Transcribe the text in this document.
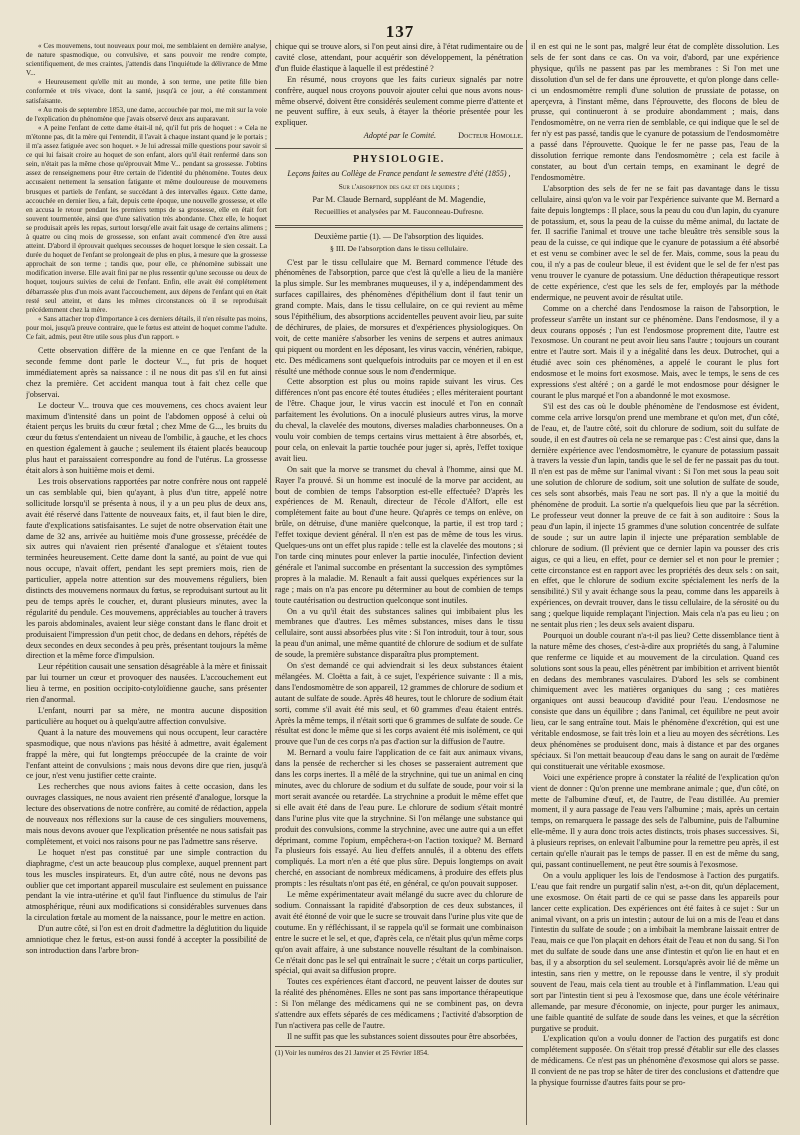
137

« Ces mouvemens, tout nouveaux pour moi, me semblaient en dernière analyse, de nature spasmodique, ou convulsive, et sans pouvoir me rendre compte, scientifiquement, de mes craintes, j'attendis dans l'inquiétude la délivrance de Mme V...

« Heureusement qu'elle mit au monde, à son terme, une petite fille bien conformée et très vivace, dont la santé, jusqu'à ce jour, a été constamment satisfaisante.

« Au mois de septembre 1853, une dame, accouchée par moi, me mit sur la voie de l'explication du phénomène que j'avais observé deux ans auparavant.

« A peine l'enfant de cette dame était-il né, qu'il fut pris de hoquet : « Cela ne m'étonne pas, dit la mère qui l'entendit, il l'avait à chaque instant quand je le portais ; il m'a assez fatiguée avec son hoquet. » Je lui adressai mille questions pour savoir si ce qui lui faisait croire au hoquet de son enfant, alors qu'il était renfermé dans son sein, n'était pas la même chose qu'éprouvait Mme V... pendant sa grossesse. J'obtins assez de renseignemens pour être certain de l'identité du phénomène. Toutes deux accusaient nettement la sensation fatigante et même douloureuse de mouvemens brusques et partiels de l'enfant, se succédant à des intervalles égaux. Cette dame, accouchée en dernier lieu, a fait, depuis cette époque, une nouvelle grossesse, et elle en accusa le retour pendant les premiers temps de sa grossesse, elle en était fort souvent tourmentée, ainsi que d'une salivation très abondante. Chez elle, le hoquet se produisait après les repas, surtout lorsqu'elle avait fait usage de certains alimens ; à quatre ou cinq mois de grossesse, son enfant avait commencé d'en être aussi atteint. D'abord il éprouvait quelques secousses de hoquet lorsque le sien cessait. La durée du hoquet de l'enfant se prolongeait de plus en plus, à mesure que la grossesse approchait de son terme ; tandis que, pour elle, ce phénomène subissait une modification inverse. Elle avait fini par ne plus ressentir qu'une secousse ou deux de hoquet, toujours suivies de celui de l'enfant. Enfin, elle avait été complétement débarrassée plus d'un mois avant l'accouchement, aux dépens de l'enfant qui en était resté seul atteint, et dans les mêmes circonstances où il se reproduisait précédemment chez la mère.

« Sans attacher trop d'importance à ces derniers détails, il n'en résulte pas moins, pour moi, jusqu'à preuve contraire, que le fœtus est atteint de hoquet comme l'adulte. Ce fait, admis, peut être utile sous plus d'un rapport. »

Cette observation diffère de la mienne en ce que l'enfant de la seconde femme dont parle le docteur V..., fut pris de hoquet immédiatement après sa naissance : il ne nous dit pas s'il en fut ainsi chez la première. Cet accident manqua tout à fait chez celle que j'observai.

Le docteur V... trouva que ces mouvemens, ces chocs avaient leur maximum d'intensité dans un point de l'abdomen opposé à celui où étaient perçus les bruits du cœur fœtal ; chez Mme de G..., les bruits du cœur du fœtus s'entendaient un niveau de l'ombilic, à gauche, et les chocs en question également à gauche ; seulement ils étaient placés beaucoup plus haut et paraissaient correspondre au fond de l'utérus. La grossesse était alors à son huitième mois et demi.

Les trois observations rapportées par notre confrère nous ont rappelé un cas semblable qui, bien qu'ayant, à plus d'un titre, appelé notre sollicitude lorsqu'il se présenta à nous, il y a un peu plus de deux ans, avait été réservé dans l'attente de nouveaux faits, et, il faut bien le dire, faute d'explications satisfaisantes. Le sujet de notre observation était une dame de 32 ans, arrivée au huitième mois d'une grossesse, précédée de six autres qui n'avaient rien présenté d'analogue et s'étaient toutes terminées heureusement. Cette dame dont la santé, au point de vue qui nous occupe, n'avait offert, pendant les sept premiers mois, rien de particulier, appela notre attention sur des mouvemens réguliers, bien distincts des mouvemens normaux du fœtus, se reproduisant surtout au lit peu de temps après le coucher, et, durant plusieurs minutes, avec la régularité du pendule. Ces mouvemens, appréciables au toucher à travers les parois abdominales, avaient leur siège constant dans le flanc droit et produisaient l'impression d'un petit choc, de dedans en dehors, répétés de deux secondes en deux secondes à peu près, présentant toujours la même direction et la même force d'impulsion.

Leur répétition causait une sensation désagréable à la mère et finissait par lui tourner un cœur et provoquer des nausées. L'accouchement eut lieu à terme, en position occipito-cotyloïdienne gauche, sans présenter rien d'anormal.

L'enfant, nourri par sa mère, ne montra aucune disposition particulière au hoquet ou à quelqu'autre affection convulsive.

Quant à la nature des mouvemens qui nous occupent, leur caractère spasmodique, que nous n'avions pas hésité à admettre, avait également frappé la mère, qui fut longtemps préoccupée de la crainte de voir l'enfant atteint de convulsions ; mais nous devons dire que rien, jusqu'à ce jour, n'est venu justifier cette crainte.

Les recherches que nous avions faites à cette occasion, dans les ouvrages classiques, ne nous avaient rien présenté d'analogue, lorsque la lecture des observations de notre confrère, au comité de rédaction, appela de nouveaux nos réflexions sur la cause de ces singuliers mouvemens, mais nous devons avouer que l'explication présentée ne nous satisfait pas complètement, et voici nos raisons pour ne pas l'admettre sans réserve.

Le hoquet n'est pas constitué par une simple contraction du diaphragme, c'est un acte beaucoup plus complexe, auquel prennent part tous les muscles inspirateurs. Et, d'un autre côté, nous ne devons pas oublier que cet important appareil musculaire est seulement en puissance pendant la vie intra-utérine et qu'il faut l'influence du stimulus de l'air atmosphérique, réuni aux modifications si considérables survenues dans la circulation fœtale au moment de la naissance, pour le mettre en action.

D'un autre côté, si l'on est en droit d'admettre la déglutition du liquide amniotique chez le fœtus, est-on aussi fondé à accepter la possibilité de son introduction dans l'arbre bron-

chique qui se trouve alors, si l'on peut ainsi dire, à l'état rudimentaire ou de cavité close, attendant, pour acquérir son développement, la pénétration d'un fluide élastique à laquelle il est prédestiné ?

En résumé, nous croyons que les faits curieux signalés par notre confrère, auquel nous croyons pouvoir ajouter celui que nous avons nous-même observé, doivent être considérés seulement comme pierre d'attente et ne peuvent suffire, à eux seuls, à étayer la théorie présentée pour les expliquer.

Adopté par le Comité.	Docteur Homolle.
PHYSIOLOGIE.
Leçons faites au Collège de France pendant le semestre d'été (1855) ,
Sur l'absorption des gaz et des liquides ;
Par M. Claude Bernard, suppléant de M. Magendie,
Recueillies et analysées par M. Fauconneau-Dufresne.
Deuxième partie (1). — De l'absorption des liquides.
§ III. De l'absorption dans le tissu cellulaire.

C'est par le tissu cellulaire que M. Bernard commence l'étude des phénomènes de l'absorption, parce que c'est là qu'elle a lieu de la manière la plus simple. Sur les membranes muqueuses, il y a, indépendamment des surfaces capillaires, des phénomènes d'épithélium dont il faut tenir un grand compte. Mais, dans le tissu cellulaire, on ce qui revient au même sous l'épithélium, des absorptions accidentelles peuvent avoir lieu, par suite de déchirures, de plaies, de morsures et d'expériences physiologiques. On voit, de cette manière s'absorber les venins de serpens et autres animaux qui piquent ou mordent en les déposant, les virus vaccin, vénérien, rabique, etc. Des médicamens sont quelquefois introduits par ce moyen et il en est résulté une méthode connue sous le nom d'endermique.

Cette absorption est plus ou moins rapide suivant les virus. Ces différences n'ont pas encore été toutes étudiées ; elles mériteraient pourtant de l'être. Chaque jour, le virus vaccin est inoculé et l'on en connaît parfaitement les évolutions. On a inoculé plusieurs autres virus, la morve du cheval, la clavelée des moutons, diverses maladies charbonneuses. On a voulu voir combien de temps certains virus mettaient à être absorbés, et, pour cela, on enlevait la partie touchée pour juger si, après, l'effet toxique avait lieu.

On sait que la morve se transmet du cheval à l'homme, ainsi que M. Rayer l'a prouvé. Si un homme est inoculé de la morve par accident, au bout de combien de temps l'absorption est-elle effectuée? D'après les expériences de M. Renault, directeur de l'école d'Alfort, elle est complétement faite au bout d'une heure. Qu'après ce temps on enlève, on brûle, on détruise, d'une manière quelconque, la partie, il est trop tard ; l'effet toxique devient général. Il n'en est pas de même de tous les virus. Quelques-uns ont un effet plus rapide : telle est la clavelée des moutons ; si l'on tarde cinq minutes pour enlever la partie inoculée, l'infection devient générale et l'animal succombe en présentant la succession des symptômes propres à la maladie. M. Renault a fait aussi quelques expériences sur la rage ; mais on n'a pas encore pu déterminer au bout de combien de temps toute cautérisation ou destruction quelconque sont inutiles.

On a vu qu'il était des substances salines qui imbibaient plus les membranes que d'autres. Les mêmes substances, mises dans le tissu cellulaire, sont aussi absorbées plus vite : Si l'on introduit, tour à tour, sous la peau d'un animal, une même quantité de chlorure de sodium et de sulfate de soude, la première substance disparaîtra plus promptement.

On s'est demandé ce qui adviendrait si les deux substances étaient mélangées. M. Cloëtta a fait, à ce sujet, l'expérience suivante : Il a mis, dans l'endosmomètre de son appareil, 12 grammes de chlorure de sodium et autant de sulfate de soude. Après 48 heures, tout le chlorure de sodium était sorti, comme s'il avait été mis seul, et 60 grammes d'eau étaient entrés. Après la même temps, il n'était sorti que 6 grammes de sulfate de soude. Ce résultat est donc le même que si les corps avaient été mis isolément, ce qui prouve que l'un de ces corps n'a pas d'action sur la diffusion de l'autre.

M. Bernard a voulu faire l'application de ce fait aux animaux vivans, dans la pensée de rechercher si les choses se passeraient autrement que dans les corps inertes. Il a mêlé de la strychnine, qui tue un animal en cinq minutes, avec du chlorure de sodium et du sulfate de soude, pour voir si la mort serait avancée ou retardée. La strychnine a produit le même effet que si elle avait été dans de l'eau pure. Le chlorure de sodium s'était montré dans l'urine plus vite que la strychnine. Si l'on mélange une substance qui produit des convulsions, comme la strychnine, avec une autre qui a un effet déprimant, comme l'opium, empêchera-t-on l'action toxique? M. Bernard l'a plusieurs fois essayé. Au lieu d'effets annulés, il a obtenu des effets compliqués. La mort n'en a été que plus sûre. Depuis longtemps on avait cherché, en associant de nombreux médicamens, à produire des effets plus prompts : les résultats n'ont pas été, en général, ce qu'on pouvait supposer.

Le même expérimentateur avait mélangé du sucre avec du chlorure de sodium. Connaissant la rapidité d'absorption de ces deux substances, il avait été étonné de voir que le sucre se trouvait dans l'urine plus vite que de coutume. En y réfléchissant, il se rappela qu'il se formait une combinaison entre le sucre et le sel, et que, d'après cela, ce n'était plus qu'un même corps qu'on avait affaire, à une substance nouvelle résultant de la combinaison. Ce n'était donc pas le sel qui entraînait le sucre ; c'était un corps particulier, spécial, qui avait sa diffusion propre.

Toutes ces expériences étant d'accord, ne peuvent laisser de doutes sur la réalité des phénomènes. Elles ne sont pas sans importance thérapeutique : Si l'on mélange des médicamens qui ne se combinent pas, on devra s'attendre aux effets séparés de ces médicamens ; l'activité d'absorption de l'un n'activera pas celle de l'autre.

Il ne suffit pas que les substances soient dissoutes pour être absorbées,

(1) Voir les numéros des 21 Janvier et 25 Février 1854.

il en est qui ne le sont pas, malgré leur état de complète dissolution. Les sels de fer sont dans ce cas. On va voir, d'abord, par une expérience physique, qu'ils ne passent pas par les membranes : Si l'on met une dissolution d'un sel de fer dans une éprouvette, et qu'on plonge dans celle-ci un endosmomètre rempli d'une solution de prussiate de potasse, on aperçevra, à l'instant même, dans l'éprouvette, des flocons de bleu de prusse, qui continueront à se produire abondamment ; mais, dans l'endosmomètre, on ne verra rien de semblable, ce qui indique que le sel de fer n'y est pas passé, tandis que le cyanure de potassium de l'endosmomètre a passé dans l'éprouvette. Quoique le fer ne passe pas, l'eau de la dissolution ferrique remonte dans l'endosmomètre ; cela est facile à constater, au bout d'un certain temps, en examinant le degré de l'endosmomètre.

L'absorption des sels de fer ne se fait pas davantage dans le tissu cellulaire, ainsi qu'on va le voir par l'expérience suivante que M. Bernard a faite depuis longtemps : Il place, sous la peau du cou d'un lapin, du cyanure de potassium, et, sous la peau de la cuisse du même animal, du lactate de fer. Il sacrifie l'animal et trouve une tache bleuâtre très sensible sous la peau de la cuisse, ce qui indique que le cyanure de potassium a été absorbé et est venu se combiner avec le sel de fer. Mais, comme, sous la peau du cou, il n'y a pas de couleur bleue, il est évident que le sel de fer n'est pas venu trouver le cyanure de potassium. Une déduction thérapeutique ressort de cette expérience, c'est que les sels de fer, employés par la méthode endermique, ne peuvent avoir de résultat utile.

Comme on a cherché dans l'endosmose la raison de l'absorption, le professeur s'arrête un instant sur ce phénomène. Dans l'endosmose, il y a deux courans opposés ; l'un est l'endosmose proprement dite, l'autre est l'exosmose. Un courant ne peut avoir lieu sans l'autre ; toujours un courant entre et l'autre sort. Mais il y a inégalité dans les deux. Dutrochet, qui a étudié avec soin ces phénomènes, a appelé le courant le plus fort endosmose et le moins fort exosmose. Mais, avec le temps, le sens de ces expressions s'est altéré ; on a gardé le mot endosmose pour désigner le courant le plus marqué et l'on a abandonné le mot exosmose.

S'il est des cas où le double phénomène de l'endosmose est évident, comme cela arrive lorsqu'on prend une membrane et qu'on met, d'un côté, de l'eau, et, de l'autre côté, soit du chlorure de sodium, soit du sulfate de soude, il en est d'autres où cela ne se remarque pas : C'est ainsi que, dans la dernière expérience avec l'endosmomètre, le cyanure de potassium passait à travers la vessie d'un lapin, tandis que le sel de fer ne passait pas du tout. Il n'en est pas de même sur l'animal vivant : Si l'on met sous la peau soit une solution de chlorure de sodium, soit une solution de sulfate de soude, ces sels sont absorbés, mais l'eau ne sort pas. Il n'y a que la moitié du phénomène de produit. La sortie n'a quelquefois lieu que par la sécrétion. Le professeur veut donner la preuve de ce fait à son auditoire : Sous la peau d'un lapin, il injecte 15 grammes d'une solution concentrée de sulfate de soude ; sur un autre lapin il injecte une préparation semblable de chlorure de sodium. (Il prévient que ce dernier lapin va pousser des cris aigus, ce qui a lieu, en effet, pour ce dernier sel et non pour le premier ; cette circonstance est en rapport avec les propriétés des deux sels : on sait, en effet, que le chlorure de sodium excite spécialement les nerfs de la sensibilité.) S'il y avait échange sous la peau, comme dans les appareils à expériences, on devrait trouver, dans le tissu cellulaire, de la sérosité ou du sang ; quelque liquide remplaçant l'injection. Mais cela n'a pas eu lieu ; on ne sentait plus rien ; les deux sels avaient disparu.

Pourquoi un double courant n'a-t-il pas lieu? Cette dissemblance tient à la nature même des choses, c'est-à-dire aux propriétés du sang, à l'alumine que renferme ce liquide et au mouvement de la circulation. Quand ces solutions sont sous la peau, elles pénètrent par imbibition et arrivent bientôt en dedans des membranes vasculaires. D'abord les sels se combinent chimiquement avec les matières organiques du sang ; ces matières organiques ont aussi beaucoup d'avidité pour l'eau. L'endosmose ne consiste que dans un équilibre ; dans l'animal, cet équilibre ne peut avoir lieu, car le sang entraîne tout. Mais le phénomène d'excrétion, qui est une véritable endosmose, se fait très loin et a lieu au moyen des sécrétions. Les deux phénomènes se produisent donc, mais à distance et par des organes spéciaux. Si l'on mettait beaucoup d'eau dans le sang on aurait de l'œdème qui constituerait une véritable exosmose.

Voici une expérience propre à constater la réalité de l'explication qu'on vient de donner : Qu'on prenne une membrane animale ; que, d'un côté, on mette de l'albumine d'œuf, et, de l'autre, de l'eau distillée. Au premier moment, il y aura passage de l'eau vers l'albumine ; mais, après un certain temps, on remarquera le passage des sels de l'albumine, puis de l'albumine elle-même. Il y aura donc trois actes distincts, trois phases successives. Si, à plusieurs reprises, on enlevait l'albumine pour la remettre peu après, il est certain qu'elle n'aurait pas le temps de passer. Il en est de même du sang, qui, passant continuellement, ne peut être soumis à l'exosmose.

On a voulu appliquer les lois de l'endosmose à l'action des purgatifs. L'eau que fait rendre un purgatif salin n'est, a-t-on dit, qu'un déplacement, une exosmose. On était parti de ce qui se passe dans les appareils pour lancer cette explication. Des expériences ont été faites à ce sujet : Sur un animal vivant, on a pris un intestin ; autour de lui on a mis de l'eau et dans l'intestin du sulfate de soude ; on a imbibait la membrane laissait entrer de l'eau, mais ce que l'on plaçait en dehors était de l'eau et non du sang. Si l'on met du sulfate de soude dans une anse d'intestin et qu'on lie en haut et en bas, il y a absorption du sel seulement. Lorsqu'après avoir lié de même un intestin, sans rien y mettre, on le repousse dans le ventre, il s'y produit souvent de l'eau, mais cela tient au trouble et à l'inflammation. L'eau qui sort par l'intestin tient si peu à l'exosmose que, dans une école vétérinaire allemande, par mesure d'économie, on injecte, pour purger les animaux, une faible quantité de sulfate de soude dans les veines, et que la sécrétion purgative se produit.

L'explication qu'on a voulu donner de l'action des purgatifs est donc complétement supposée. On s'était trop pressé d'établir sur elle des classes de médicamens. Ce n'est pas un phénomène d'exosmose qui alors se passe. Il convient de ne pas trop se hâter de tirer des conclusions et d'attendre que la physique fournisse d'autres faits pour se pro-
